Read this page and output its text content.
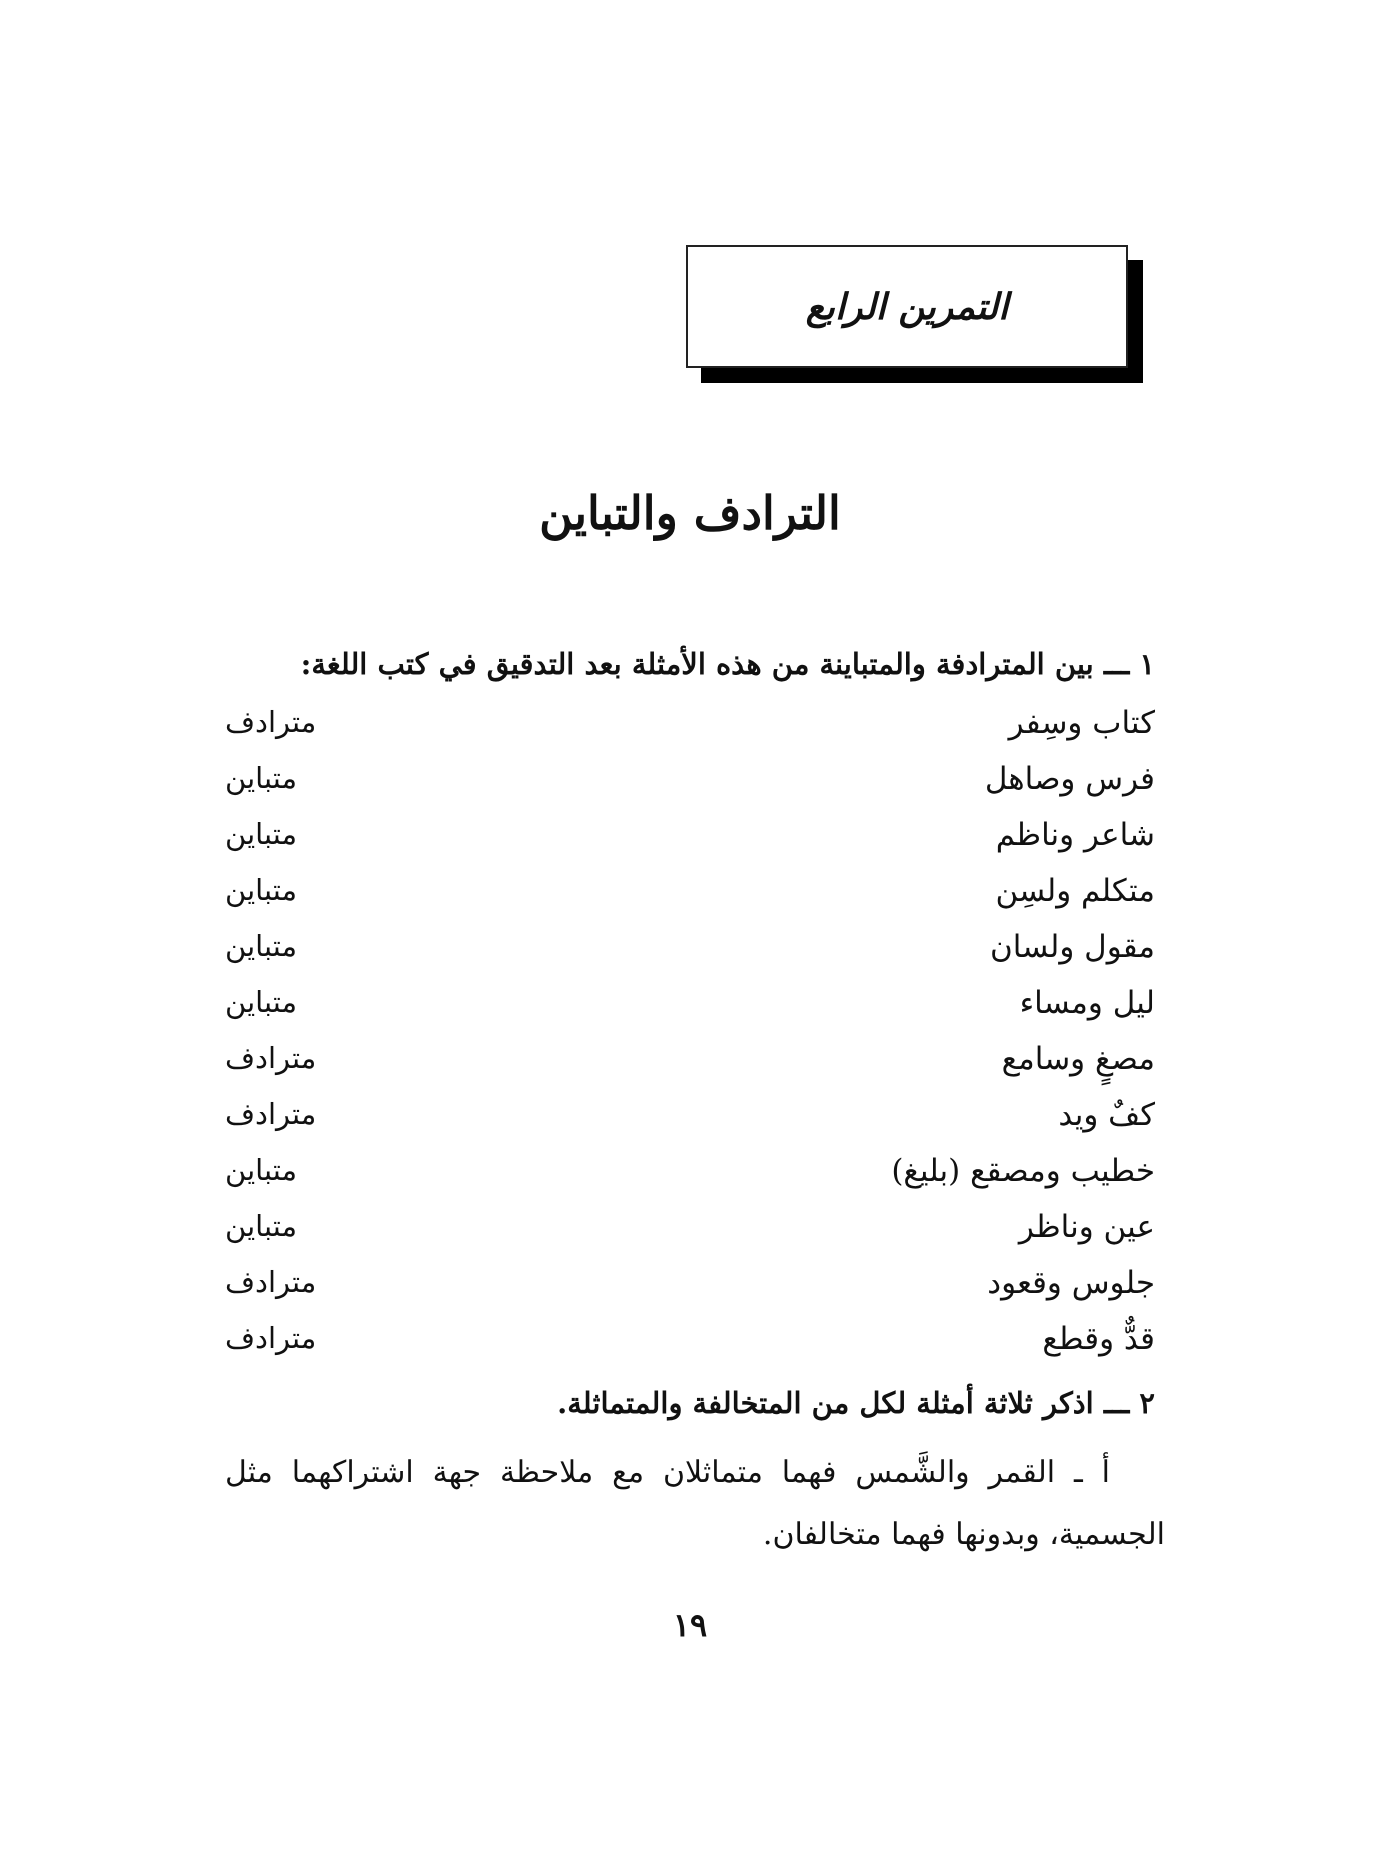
التمرين الرابع
الترادف والتباين
١ ـــ بين المترادفة والمتباينة من هذه الأمثلة بعد التدقيق في كتب اللغة:
كتاب وسِفر
مترادف
فرس وصاهل
متباين
شاعر وناظم
متباين
متكلم ولسِن
متباين
مقول ولسان
متباين
ليل ومساء
متباين
مصغٍ وسامع
مترادف
كفٌ ويد
مترادف
خطيب ومصقع (بليغ)
متباين
عين وناظر
متباين
جلوس وقعود
مترادف
قدٌّ وقطع
مترادف
٢ ـــ اذكر ثلاثة أمثلة لكل من المتخالفة والمتماثلة.
أ ـ القمر والشَّمس فهما متماثلان مع ملاحظة جهة اشتراكهما مثل الجسمية، وبدونها فهما متخالفان.
١٩
